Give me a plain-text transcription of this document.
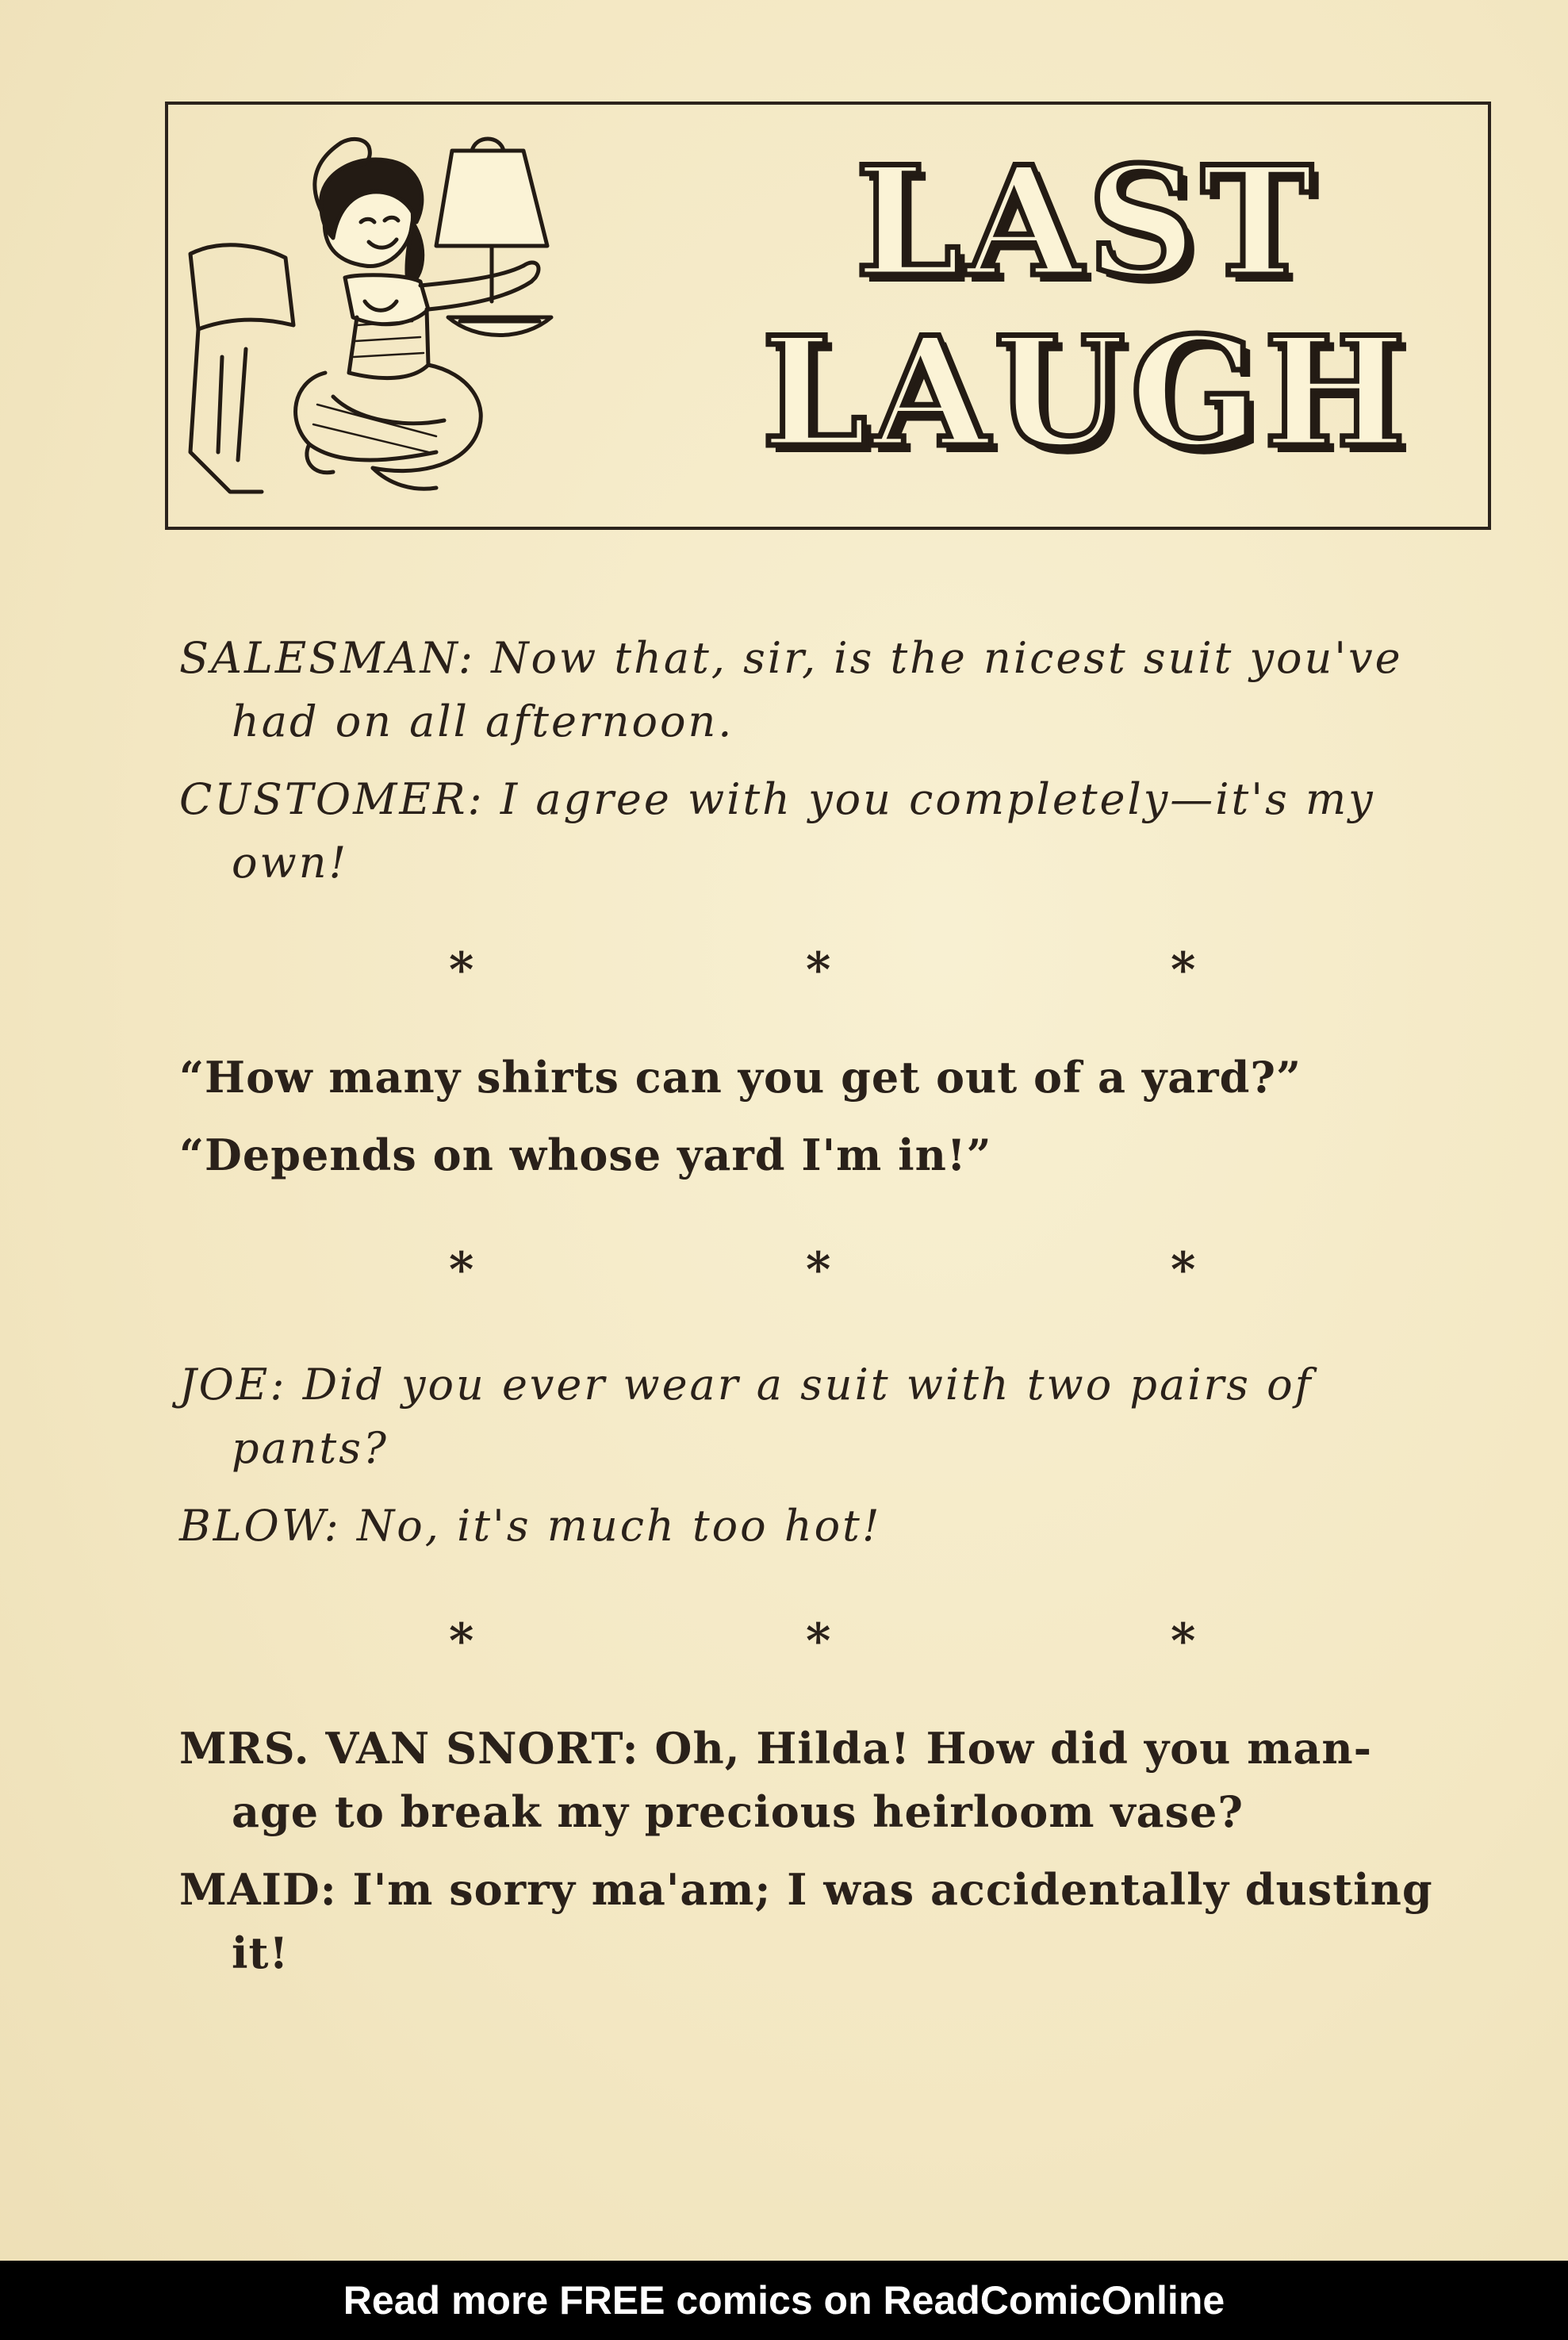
LAST
LAUGH
SALESMAN: Now that, sir, is the nicest suit you've
had on all afternoon.
CUSTOMER: I agree with you completely—it's my
own!
*	*	*
“How many shirts can you get out of a yard?”
“Depends on whose yard I'm in!”
*	*	*
JOE: Did you ever wear a suit with two pairs of
pants?
BLOW: No, it's much too hot!
*	*	*
MRS. VAN SNORT: Oh, Hilda! How did you man-
age to break my precious heirloom vase?
MAID: I'm sorry ma'am; I was accidentally dusting
it!
Read more FREE comics on ReadComicOnline
